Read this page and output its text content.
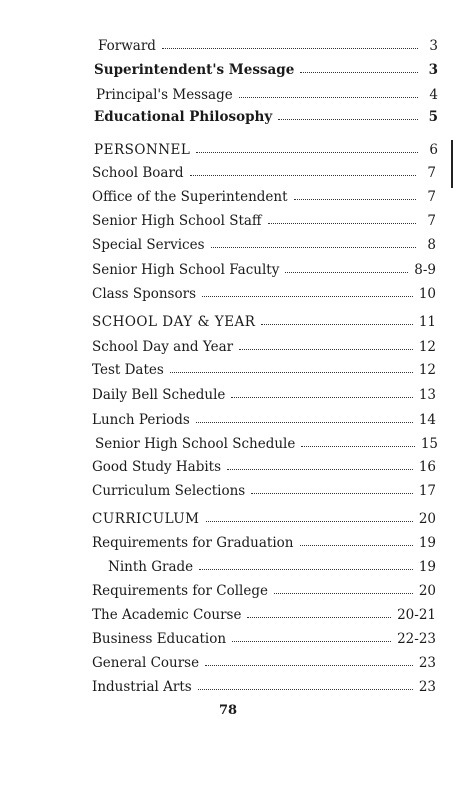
Forward	3
Superintendent's Message	3
Principal's Message	4
Educational Philosophy	5
PERSONNEL	6
School Board	7
Office of the Superintendent	7
Senior High School Staff	7
Special Services	8
Senior High School Faculty	8-9
Class Sponsors	10
SCHOOL DAY & YEAR	11
School Day and Year	12
Test Dates	12
Daily Bell Schedule	13
Lunch Periods	14
Senior High School Schedule	15
Good Study Habits	16
Curriculum Selections	17
CURRICULUM	20
Requirements for Graduation	19
Ninth Grade	19
Requirements for College	20
The Academic Course	20-21
Business Education	22-23
General Course	23
Industrial Arts	23
78
